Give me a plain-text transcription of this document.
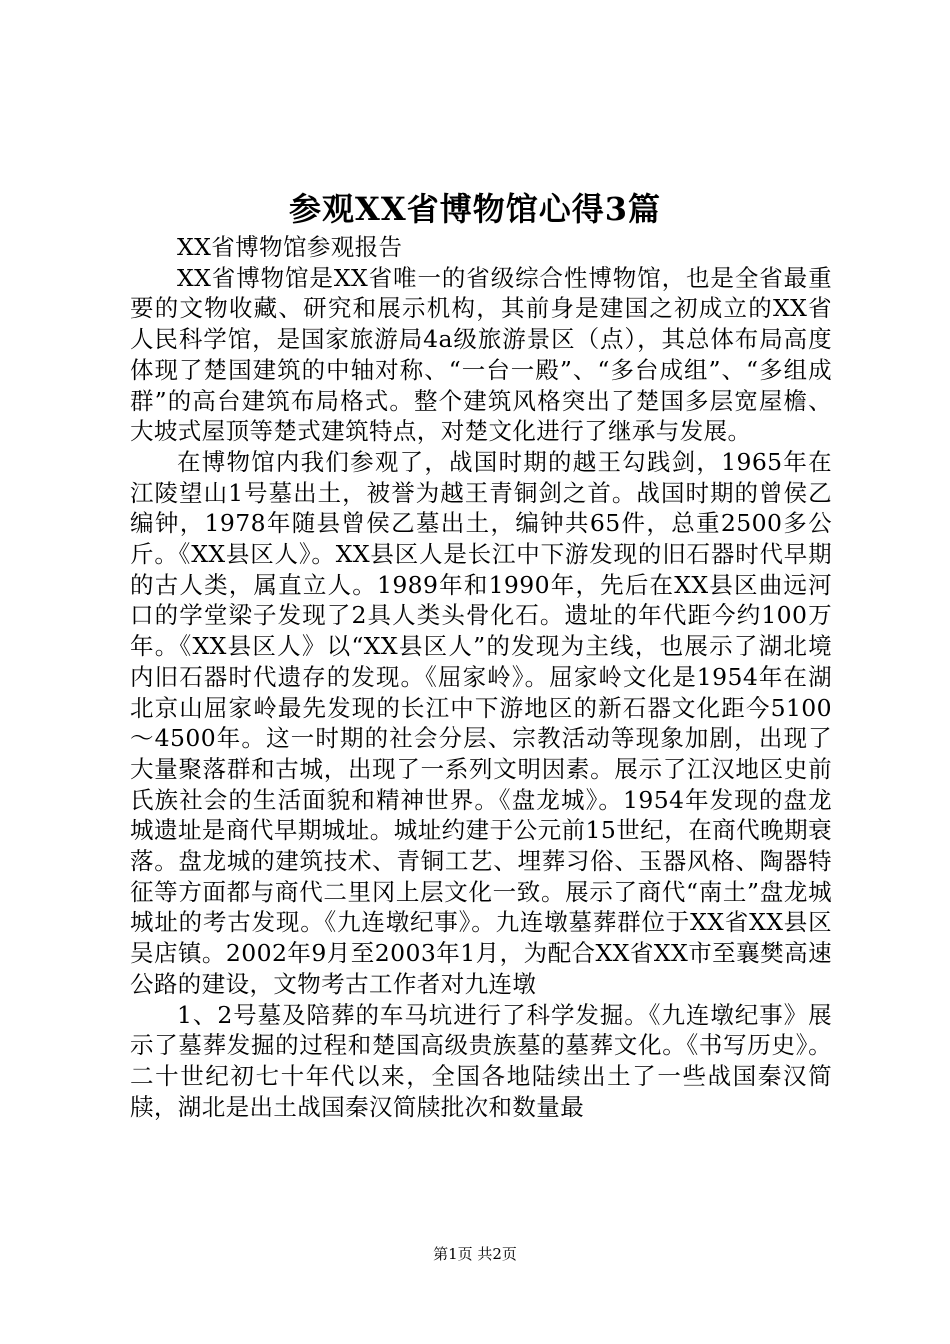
参观XX省博物馆心得3篇

XX省博物馆参观报告

XX省博物馆是XX省唯一的省级综合性博物馆，也是全省最重要的文物收藏、研究和展示机构，其前身是建国之初成立的XX省人民科学馆，是国家旅游局4a级旅游景区（点），其总体布局高度体现了楚国建筑的中轴对称、“一台一殿”、“多台成组”、“多组成群”的高台建筑布局格式。整个建筑风格突出了楚国多层宽屋檐、大坡式屋顶等楚式建筑特点，对楚文化进行了继承与发展。

在博物馆内我们参观了，战国时期的越王勾践剑，1965年在江陵望山1号墓出土，被誉为越王青铜剑之首。战国时期的曾侯乙编钟，1978年随县曾侯乙墓出土，编钟共65件，总重2500多公斤。《XX县区人》。XX县区人是长江中下游发现的旧石器时代早期的古人类，属直立人。1989年和1990年，先后在XX县区曲远河口的学堂梁子发现了2具人类头骨化石。遗址的年代距今约100万年。《XX县区人》以“XX县区人”的发现为主线，也展示了湖北境内旧石器时代遗存的发现。《屈家岭》。屈家岭文化是1954年在湖北京山屈家岭最先发现的长江中下游地区的新石器文化距今5100～4500年。这一时期的社会分层、宗教活动等现象加剧，出现了大量聚落群和古城，出现了一系列文明因素。展示了江汉地区史前氏族社会的生活面貌和精神世界。《盘龙城》。1954年发现的盘龙城遗址是商代早期城址。城址约建于公元前15世纪，在商代晚期衰落。盘龙城的建筑技术、青铜工艺、埋葬习俗、玉器风格、陶器特征等方面都与商代二里冈上层文化一致。展示了商代“南土”盘龙城城址的考古发现。《九连墩纪事》。九连墩墓葬群位于XX省XX县区吴店镇。2002年9月至2003年1月，为配合XX省XX市至襄樊高速公路的建设，文物考古工作者对九连墩

1、2号墓及陪葬的车马坑进行了科学发掘。《九连墩纪事》展示了墓葬发掘的过程和楚国高级贵族墓的墓葬文化。《书写历史》。二十世纪初七十年代以来，全国各地陆续出土了一些战国秦汉简牍，湖北是出土战国秦汉简牍批次和数量最

第1页 共2页
